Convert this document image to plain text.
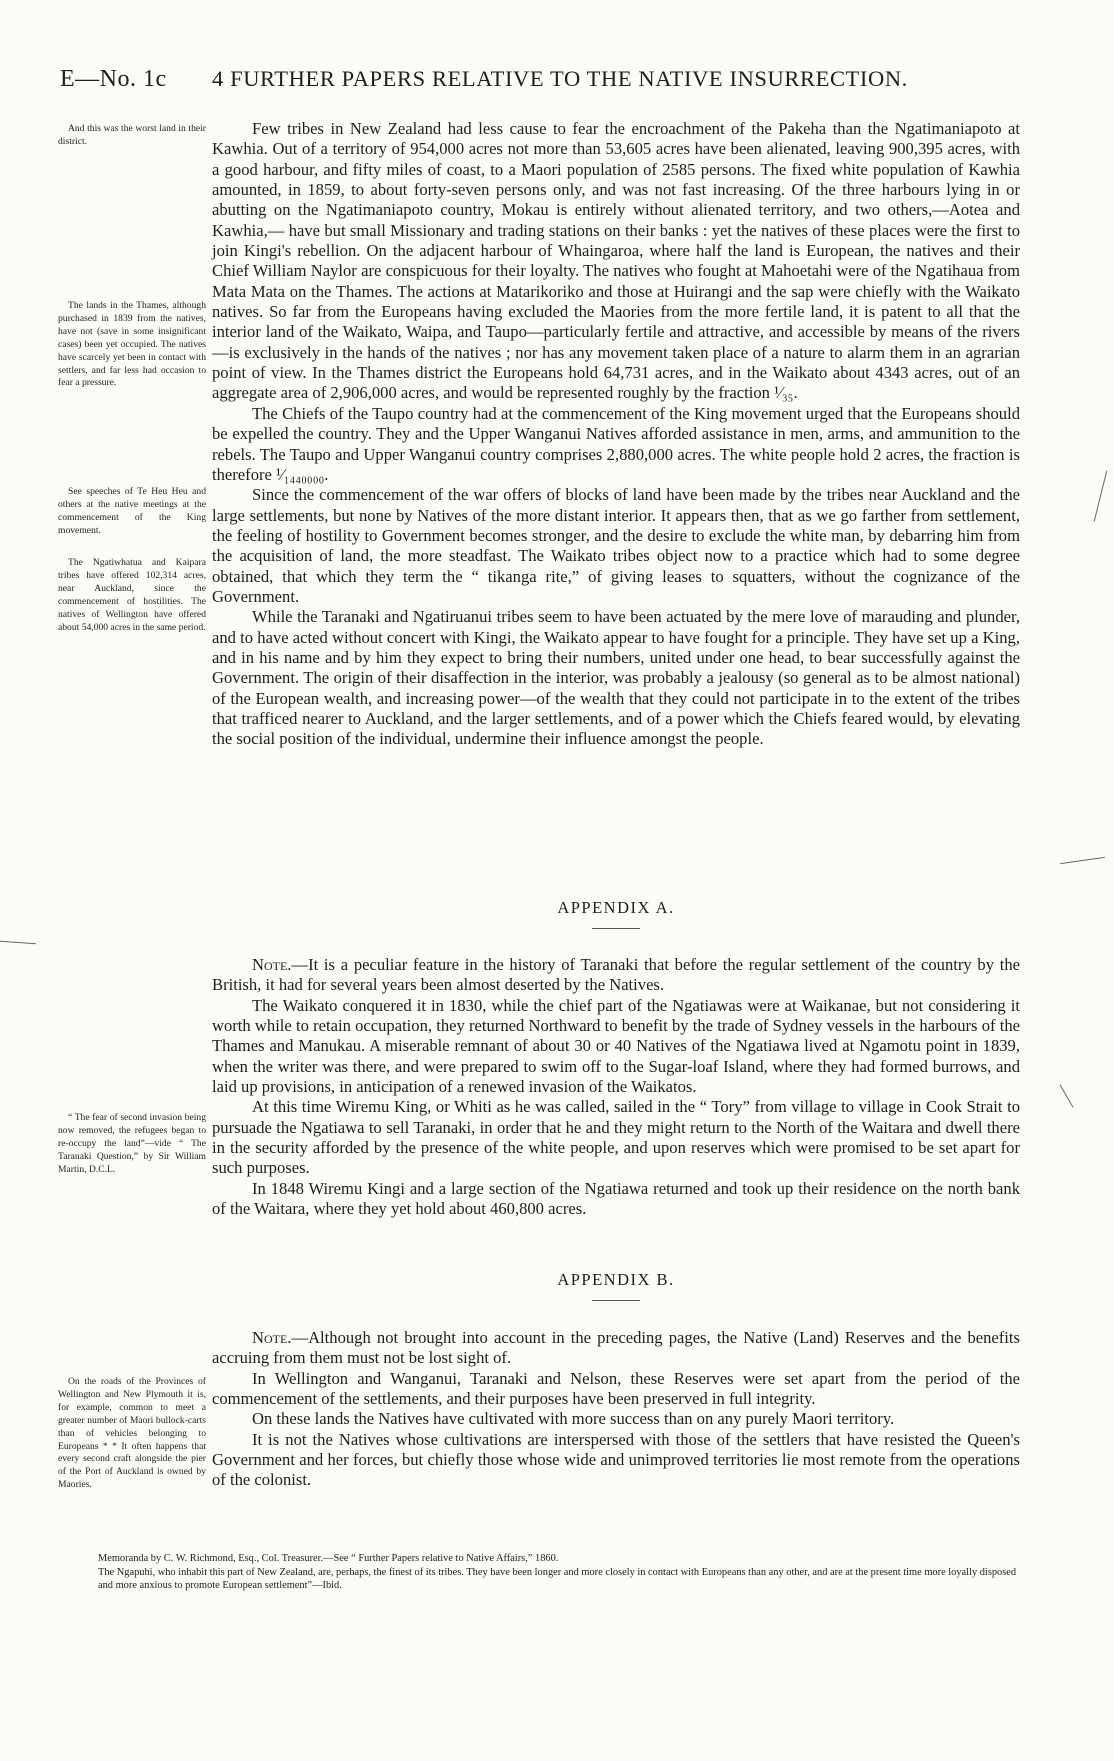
E—No. 1c 4 FURTHER PAPERS RELATIVE TO THE NATIVE INSURRECTION.

And this was the worst land in their district.

The lands in the Thames, although purchased in 1839 from the natives, have not (save in some insignificant cases) been yet occupied. The natives have scarcely yet been in contact with settlers, and far less had occasion to fear a pressure.

See speeches of Te Heu Heu and others at the native meetings at the commencement of the King movement.

The Ngatiwhatua and Kaipara tribes have offered 102,314 acres, near Auckland, since the commencement of hostilities. The natives of Wellington have offered about 54,000 acres in the same period.

“ The fear of second invasion being now removed, the refugees began to re-occupy the land”—vide “ The Taranaki Question,” by Sir William Martin, D.C.L.

On the roads of the Provinces of Wellington and New Plymouth it is, for example, common to meet a greater number of Maori bullock-carts than of vehicles belonging to Europeans * * It often happens that every second craft alongside the pier of the Port of Auckland is owned by Maories.

Few tribes in New Zealand had less cause to fear the encroachment of the Pakeha than the Ngatimaniapoto at Kawhia. Out of a territory of 954,000 acres not more than 53,605 acres have been alienated, leaving 900,395 acres, with a good harbour, and fifty miles of coast, to a Maori population of 2585 persons. The fixed white population of Kawhia amounted, in 1859, to about forty-seven persons only, and was not fast increasing. Of the three harbours lying in or abutting on the Ngatimaniapoto country, Mokau is entirely without alienated territory, and two others,—Aotea and Kawhia,— have but small Missionary and trading stations on their banks : yet the natives of these places were the first to join Kingi's rebellion. On the adjacent harbour of Whaingaroa, where half the land is European, the natives and their Chief William Naylor are conspicuous for their loyalty. The natives who fought at Mahoetahi were of the Ngatihaua from Mata Mata on the Thames. The actions at Matarikoriko and those at Huirangi and the sap were chiefly with the Waikato natives. So far from the Europeans having excluded the Maories from the more fertile land, it is patent to all that the interior land of the Waikato, Waipa, and Taupo—particularly fertile and attractive, and accessible by means of the rivers—is exclusively in the hands of the natives ; nor has any movement taken place of a nature to alarm them in an agrarian point of view. In the Thames district the Europeans hold 64,731 acres, and in the Waikato about 4343 acres, out of an aggregate area of 2,906,000 acres, and would be represented roughly by the fraction ¹⁄₃₅.

The Chiefs of the Taupo country had at the commencement of the King movement urged that the Europeans should be expelled the country. They and the Upper Wanganui Natives afforded assistance in men, arms, and ammunition to the rebels. The Taupo and Upper Wanganui country comprises 2,880,000 acres. The white people hold 2 acres, the fraction is therefore ¹⁄₁₄₄₀₀₀₀.

Since the commencement of the war offers of blocks of land have been made by the tribes near Auckland and the large settlements, but none by Natives of the more distant interior. It appears then, that as we go farther from settlement, the feeling of hostility to Government becomes stronger, and the desire to exclude the white man, by debarring him from the acquisition of land, the more steadfast. The Waikato tribes object now to a practice which had to some degree obtained, that which they term the “ tikanga rite,” of giving leases to squatters, without the cognizance of the Government.

While the Taranaki and Ngatiruanui tribes seem to have been actuated by the mere love of marauding and plunder, and to have acted without concert with Kingi, the Waikato appear to have fought for a principle. They have set up a King, and in his name and by him they expect to bring their numbers, united under one head, to bear successfully against the Government. The origin of their disaffection in the interior, was probably a jealousy (so general as to be almost national) of the European wealth, and increasing power—of the wealth that they could not participate in to the extent of the tribes that trafficed nearer to Auckland, and the larger settlements, and of a power which the Chiefs feared would, by elevating the social position of the individual, undermine their influence amongst the people.

APPENDIX A.

Note.—It is a peculiar feature in the history of Taranaki that before the regular settlement of the country by the British, it had for several years been almost deserted by the Natives.

The Waikato conquered it in 1830, while the chief part of the Ngatiawas were at Waikanae, but not considering it worth while to retain occupation, they returned Northward to benefit by the trade of Sydney vessels in the harbours of the Thames and Manukau. A miserable remnant of about 30 or 40 Natives of the Ngatiawa lived at Ngamotu point in 1839, when the writer was there, and were prepared to swim off to the Sugar-loaf Island, where they had formed burrows, and laid up provisions, in anticipation of a renewed invasion of the Waikatos.

At this time Wiremu King, or Whiti as he was called, sailed in the “ Tory” from village to village in Cook Strait to pursuade the Ngatiawa to sell Taranaki, in order that he and they might return to the North of the Waitara and dwell there in the security afforded by the presence of the white people, and upon reserves which were promised to be set apart for such purposes.

In 1848 Wiremu Kingi and a large section of the Ngatiawa returned and took up their residence on the north bank of the Waitara, where they yet hold about 460,800 acres.

APPENDIX B.

Note.—Although not brought into account in the preceding pages, the Native (Land) Reserves and the benefits accruing from them must not be lost sight of.

In Wellington and Wanganui, Taranaki and Nelson, these Reserves were set apart from the period of the commencement of the settlements, and their purposes have been preserved in full integrity.

On these lands the Natives have cultivated with more success than on any purely Maori territory.

It is not the Natives whose cultivations are interspersed with those of the settlers that have resisted the Queen's Government and her forces, but chiefly those whose wide and unimproved territories lie most remote from the operations of the colonist.

Memoranda by C. W. Richmond, Esq., Col. Treasurer.—See “ Further Papers relative to Native Affairs,” 1860.

The Ngapuhi, who inhabit this part of New Zealand, are, perhaps, the finest of its tribes. They have been longer and more closely in contact with Europeans than any other, and are at the present time more loyally disposed and more anxious to promote European settlement”—Ibid.
